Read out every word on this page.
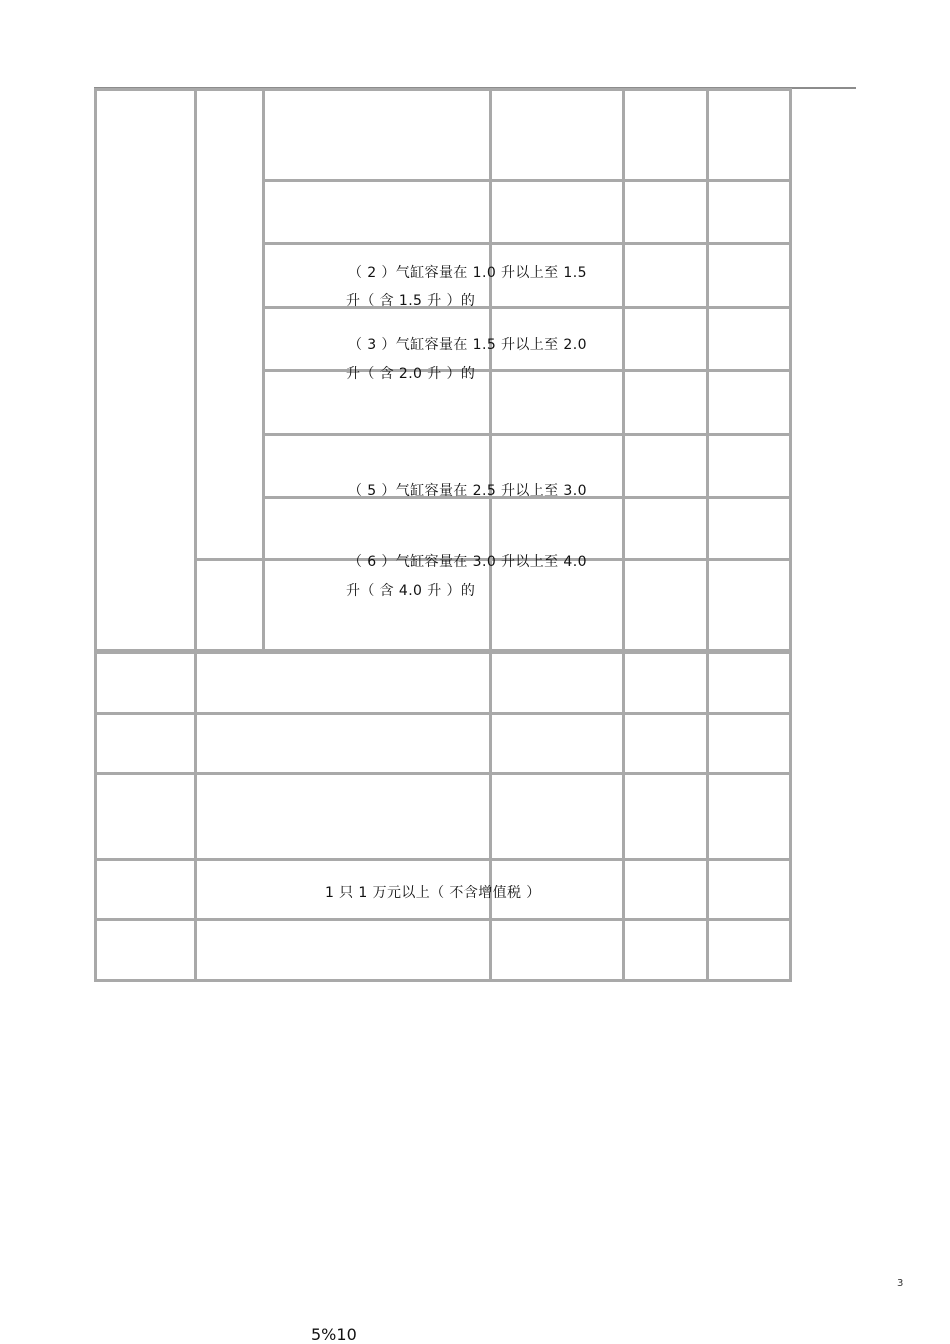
（ 2 ）气缸容量在 1.0 升以上至 1.5
升（ 含 1.5 升 ）的
（ 3 ）气缸容量在 1.5 升以上至 2.0
升（ 含 2.0 升 ）的
（ 5 ）气缸容量在 2.5 升以上至 3.0
（ 6 ）气缸容量在 3.0 升以上至 4.0
升（ 含 4.0 升 ）的
1 只 1 万元以上（ 不含增值税 ）
3
5%10
